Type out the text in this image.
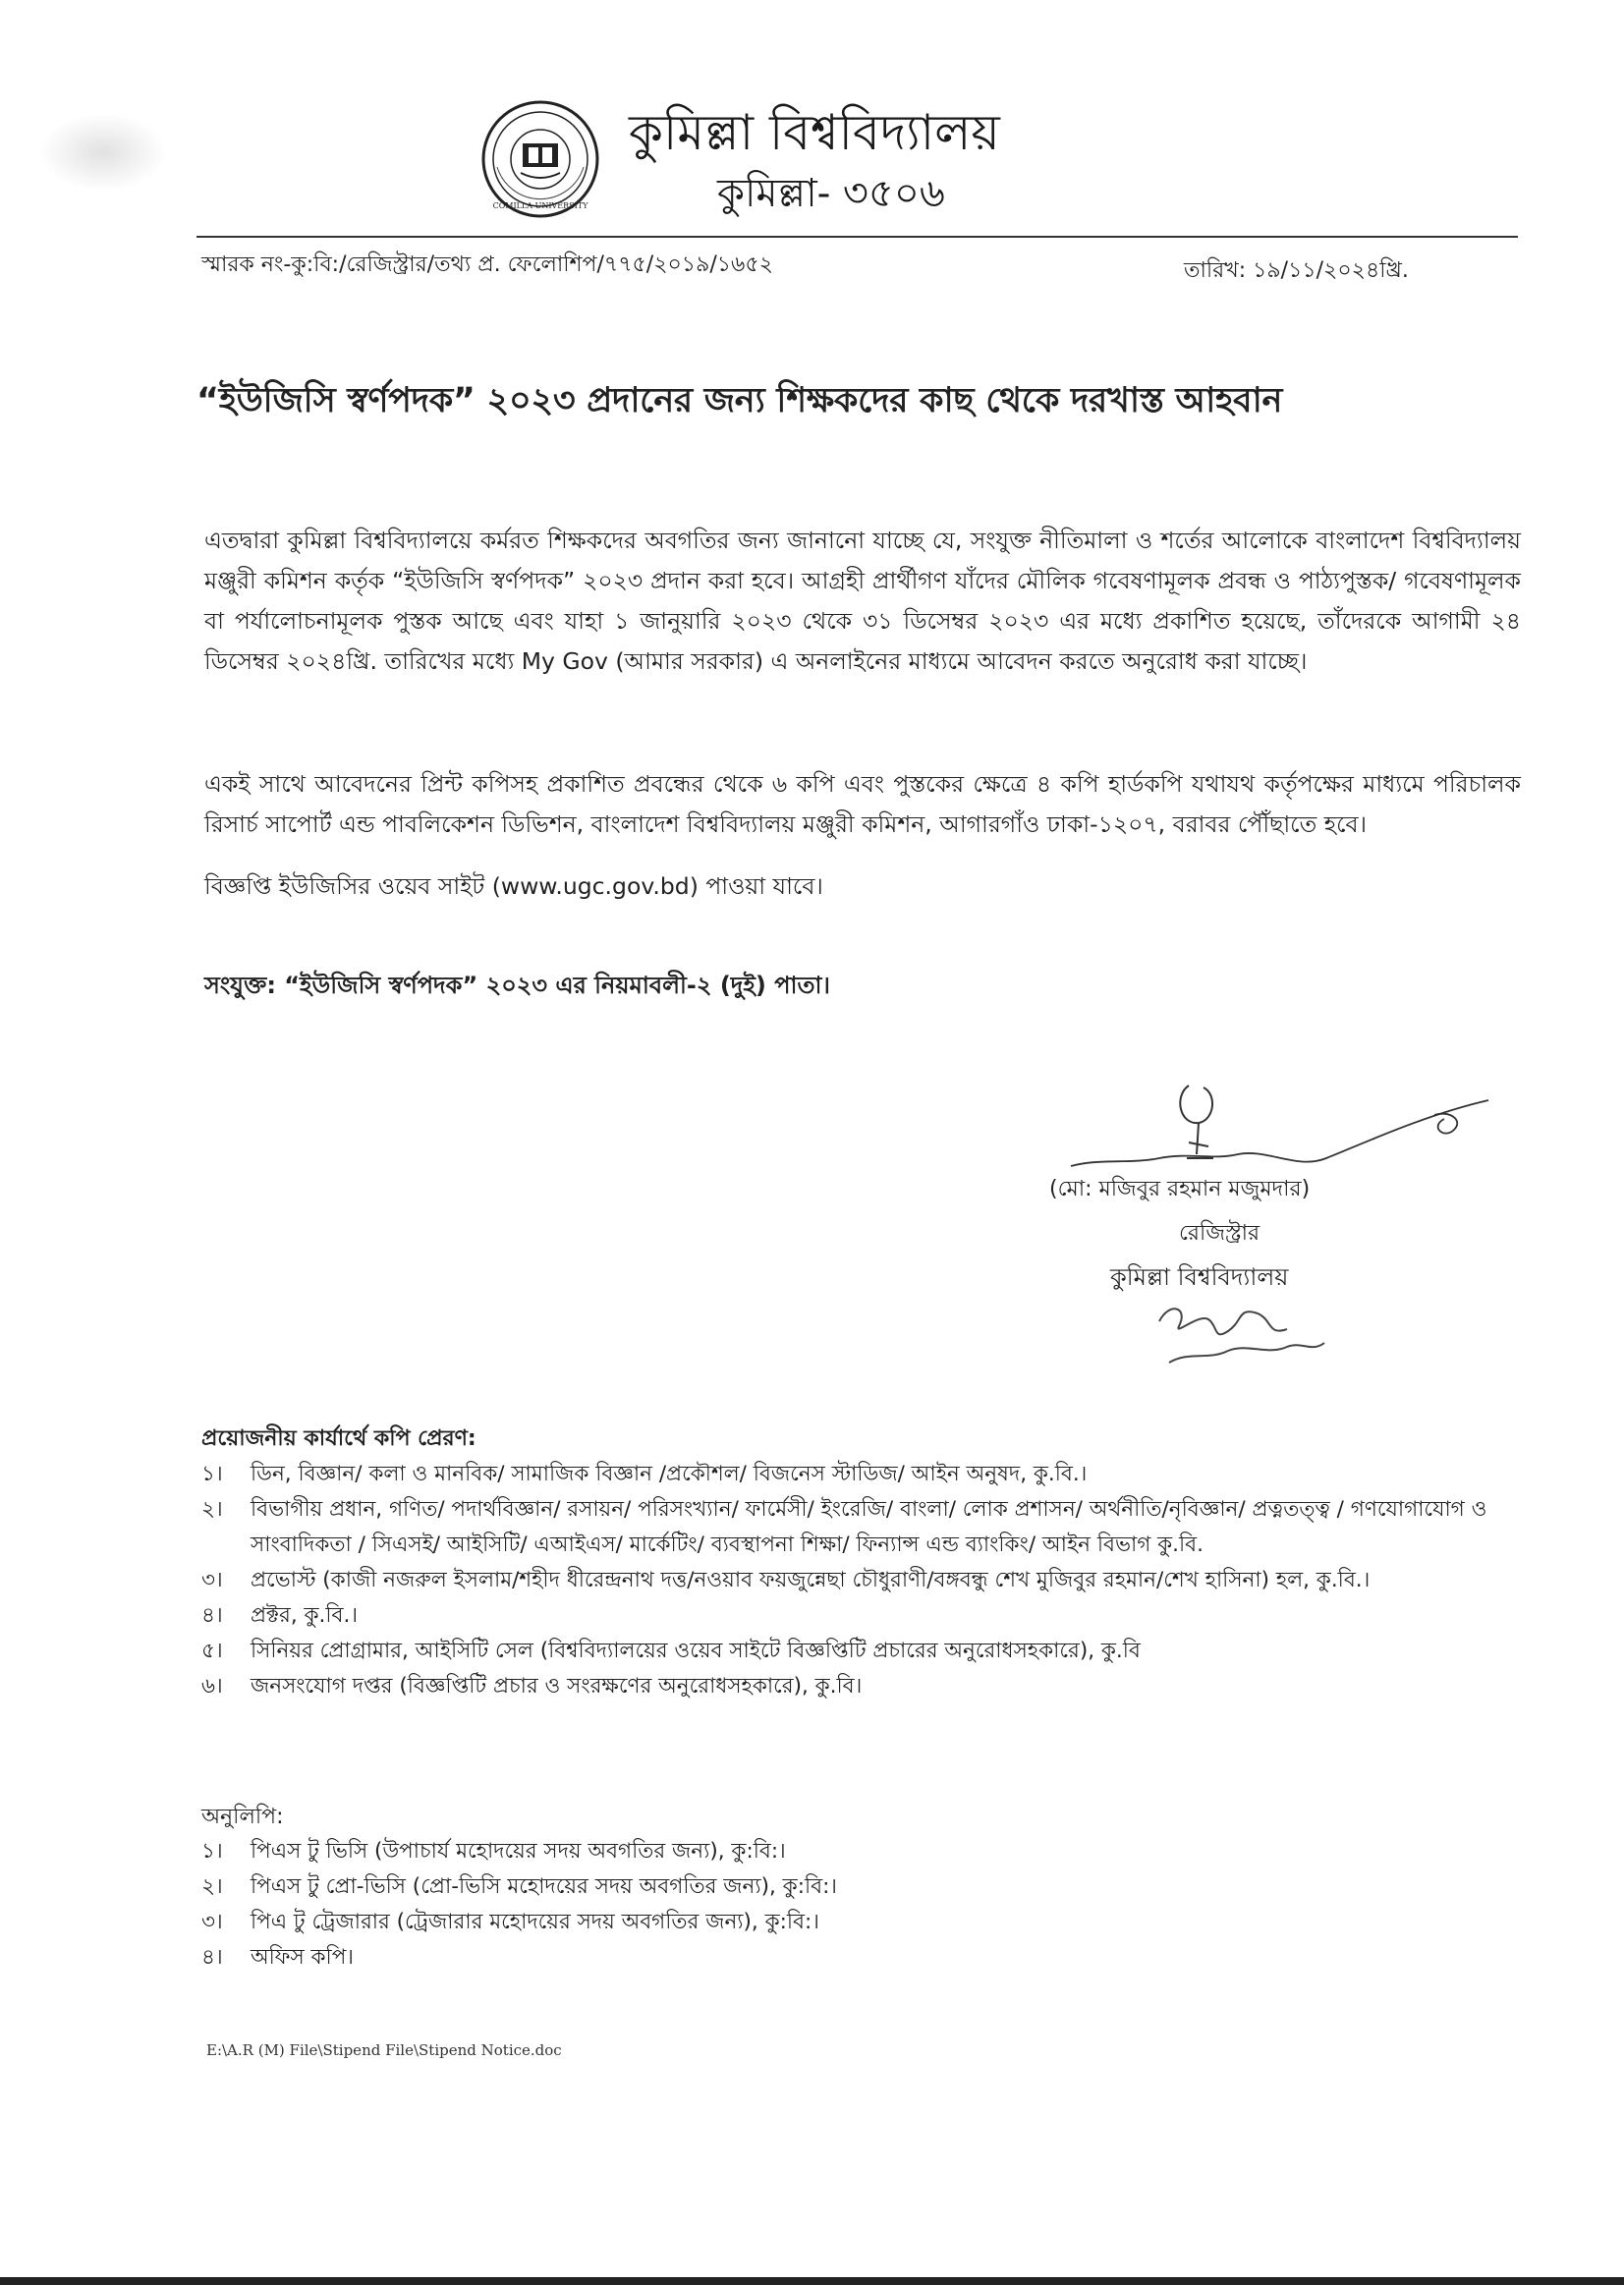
COMILLA UNIVERSITY
কুমিল্লা বিশ্ববিদ্যালয়
কুমিল্লা- ৩৫০৬
স্মারক নং-কু:বি:/রেজিস্ট্রার/তথ্য প্র. ফেলোশিপ/৭৭৫/২০১৯/১৬৫২	তারিখ: ১৯/১১/২০২৪খ্রি.
“ইউজিসি স্বর্ণপদক” ২০২৩ প্রদানের জন্য শিক্ষকদের কাছ থেকে দরখাস্ত আহবান
এতদ্বারা কুমিল্লা বিশ্ববিদ্যালয়ে কর্মরত শিক্ষকদের অবগতির জন্য জানানো যাচ্ছে যে, সংযুক্ত নীতিমালা ও শর্তের আলোকে বাংলাদেশ বিশ্ববিদ্যালয় মঞ্জুরী কমিশন কর্তৃক “ইউজিসি স্বর্ণপদক” ২০২৩ প্রদান করা হবে। আগ্রহী প্রার্থীগণ যাঁদের মৌলিক গবেষণামূলক প্রবন্ধ ও পাঠ্যপুস্তক/ গবেষণামূলক বা পর্যালোচনামূলক পুস্তক আছে এবং যাহা ১ জানুয়ারি ২০২৩ থেকে ৩১ ডিসেম্বর ২০২৩ এর মধ্যে প্রকাশিত হয়েছে, তাঁদেরকে আগামী ২৪ ডিসেম্বর ২০২৪খ্রি. তারিখের মধ্যে My Gov (আমার সরকার) এ অনলাইনের মাধ্যমে আবেদন করতে অনুরোধ করা যাচ্ছে।
একই সাথে আবেদনের প্রিন্ট কপিসহ প্রকাশিত প্রবন্ধের থেকে ৬ কপি এবং পুস্তকের ক্ষেত্রে ৪ কপি হার্ডকপি যথাযথ কর্তৃপক্ষের মাধ্যমে পরিচালক রিসার্চ সাপোর্ট এন্ড পাবলিকেশন ডিভিশন, বাংলাদেশ বিশ্ববিদ্যালয় মঞ্জুরী কমিশন, আগারগাঁও ঢাকা-১২০৭, বরাবর পৌঁছাতে হবে।
বিজ্ঞপ্তি ইউজিসির ওয়েব সাইট (www.ugc.gov.bd) পাওয়া যাবে।
সংযুক্ত: “ইউজিসি স্বর্ণপদক” ২০২৩ এর নিয়মাবলী-২ (দুই) পাতা।
(মো: মজিবুর রহমান মজুমদার)
রেজিস্ট্রার
কুমিল্লা বিশ্ববিদ্যালয়
প্রয়োজনীয় কার্যার্থে কপি প্রেরণ:
১।	ডিন, বিজ্ঞান/ কলা ও মানবিক/ সামাজিক বিজ্ঞান /প্রকৌশল/ বিজনেস স্টাডিজ/ আইন অনুষদ, কু.বি.।
২।	বিভাগীয় প্রধান, গণিত/ পদার্থবিজ্ঞান/ রসায়ন/ পরিসংখ্যান/ ফার্মেসী/ ইংরেজি/ বাংলা/ লোক প্রশাসন/ অর্থনীতি/নৃবিজ্ঞান/ প্রত্নতত্ত্ব / গণযোগাযোগ ও সাংবাদিকতা / সিএসই/ আইসিটি/ এআইএস/ মার্কেটিং/ ব্যবস্থাপনা শিক্ষা/ ফিন্যান্স এন্ড ব্যাংকিং/ আইন বিভাগ কু.বি.
৩।	প্রভোস্ট (কাজী নজরুল ইসলাম/শহীদ ধীরেন্দ্রনাথ দত্ত/নওয়াব ফয়জুন্নেছা চৌধুরাণী/বঙ্গবন্ধু শেখ মুজিবুর রহমান/শেখ হাসিনা) হল, কু.বি.।
৪।	প্রক্টর, কু.বি.।
৫।	সিনিয়র প্রোগ্রামার, আইসিটি সেল (বিশ্ববিদ্যালয়ের ওয়েব সাইটে বিজ্ঞপ্তিটি প্রচারের অনুরোধসহকারে), কু.বি
৬।	জনসংযোগ দপ্তর (বিজ্ঞপ্তিটি প্রচার ও সংরক্ষণের অনুরোধসহকারে), কু.বি।
অনুলিপি:
১।	পিএস টু ভিসি (উপাচার্য মহোদয়ের সদয় অবগতির জন্য), কু:বি:।
২।	পিএস টু প্রো-ভিসি (প্রো-ভিসি মহোদয়ের সদয় অবগতির জন্য), কু:বি:।
৩।	পিএ টু ট্রেজারার (ট্রেজারার মহোদয়ের সদয় অবগতির জন্য), কু:বি:।
৪।	অফিস কপি।
E:\A.R (M) File\Stipend File\Stipend Notice.doc
